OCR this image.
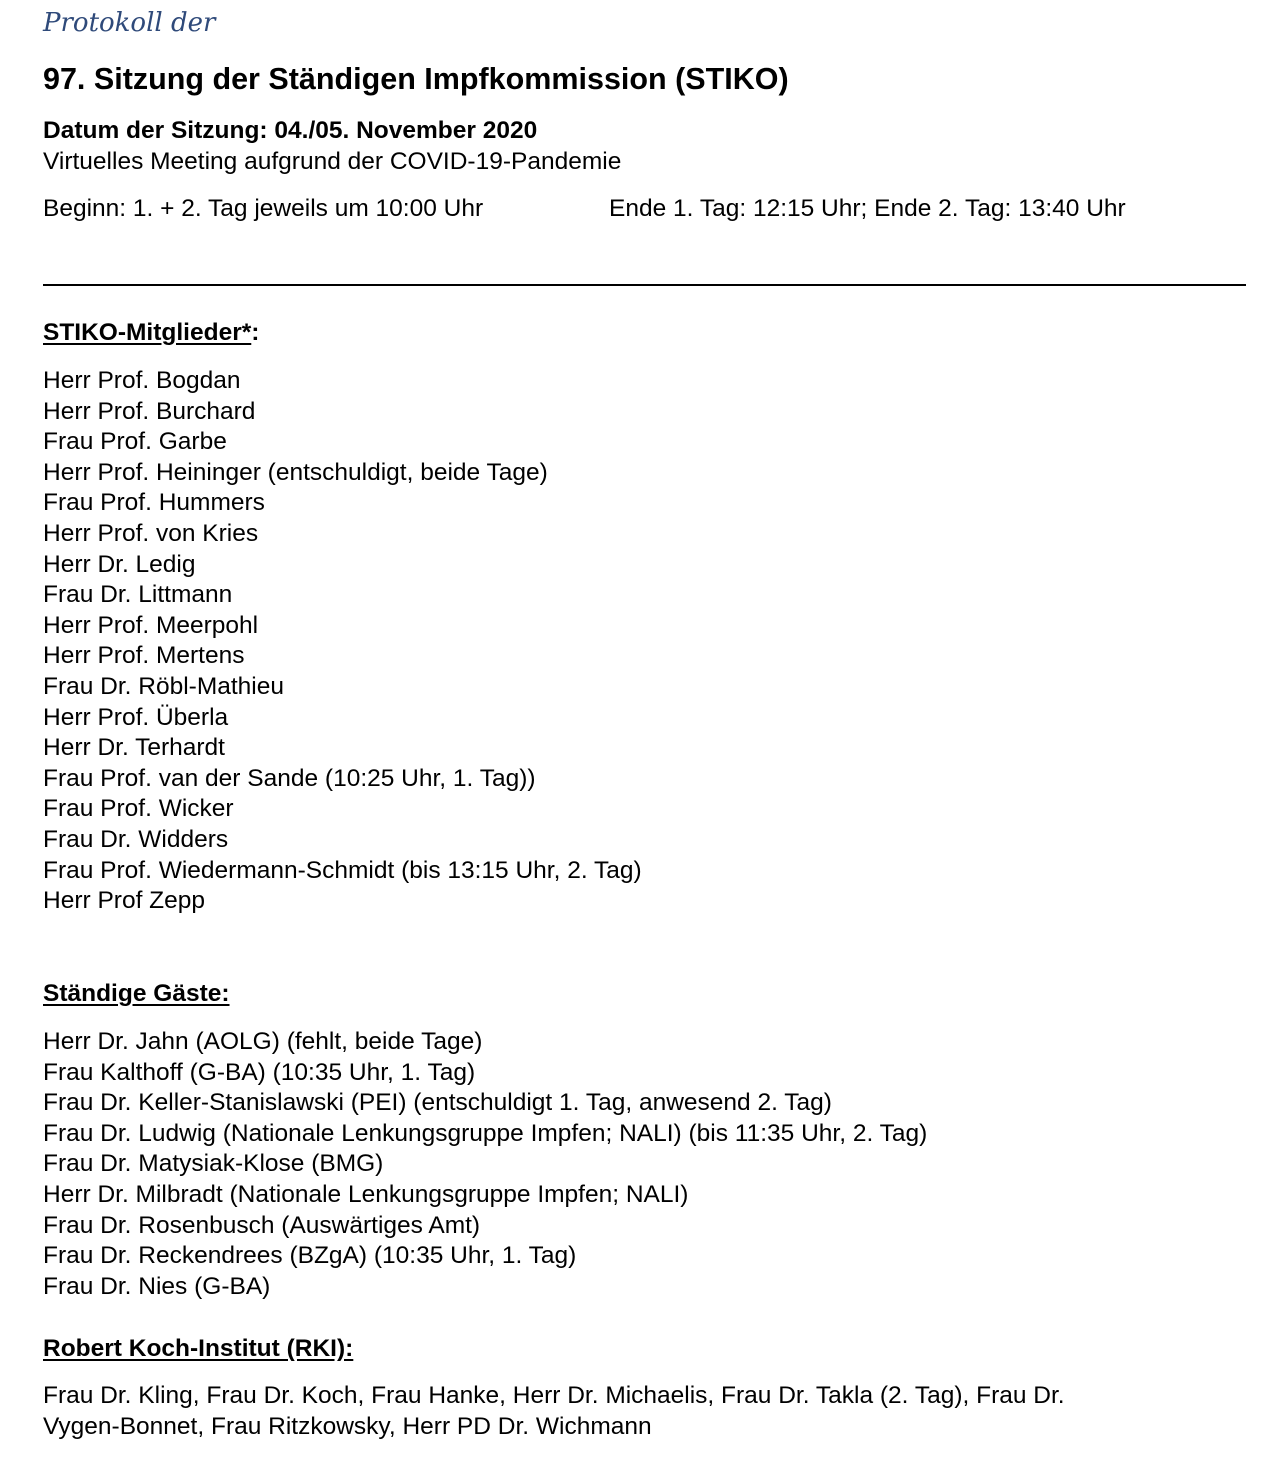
Protokoll der
97. Sitzung der Ständigen Impfkommission (STIKO)
Datum der Sitzung: 04./05. November 2020
Virtuelles Meeting aufgrund der COVID-19-Pandemie
Beginn: 1. + 2. Tag jeweils um 10:00 Uhr	Ende 1. Tag: 12:15 Uhr; Ende 2. Tag: 13:40 Uhr
STIKO-Mitglieder*:
Herr Prof. Bogdan
Herr Prof. Burchard
Frau Prof. Garbe
Herr Prof. Heininger (entschuldigt, beide Tage)
Frau Prof. Hummers
Herr Prof. von Kries
Herr Dr. Ledig
Frau Dr. Littmann
Herr Prof. Meerpohl
Herr Prof. Mertens
Frau Dr. Röbl-Mathieu
Herr Prof. Überla
Herr Dr. Terhardt
Frau Prof. van der Sande (10:25 Uhr, 1. Tag))
Frau Prof. Wicker
Frau Dr. Widders
Frau Prof. Wiedermann-Schmidt (bis 13:15 Uhr, 2. Tag)
Herr Prof Zepp
Ständige Gäste:
Herr Dr. Jahn (AOLG) (fehlt, beide Tage)
Frau Kalthoff (G-BA) (10:35 Uhr, 1. Tag)
Frau Dr. Keller-Stanislawski (PEI) (entschuldigt 1. Tag, anwesend 2. Tag)
Frau Dr. Ludwig (Nationale Lenkungsgruppe Impfen; NALI) (bis 11:35 Uhr, 2. Tag)
Frau Dr. Matysiak-Klose (BMG)
Herr Dr. Milbradt (Nationale Lenkungsgruppe Impfen; NALI)
Frau Dr. Rosenbusch (Auswärtiges Amt)
Frau Dr. Reckendrees (BZgA) (10:35 Uhr, 1. Tag)
Frau Dr. Nies (G-BA)
Robert Koch-Institut (RKI):
Frau Dr. Kling, Frau Dr. Koch, Frau Hanke, Herr Dr. Michaelis, Frau Dr. Takla (2. Tag), Frau Dr.
Vygen-Bonnet, Frau Ritzkowsky, Herr PD Dr. Wichmann
